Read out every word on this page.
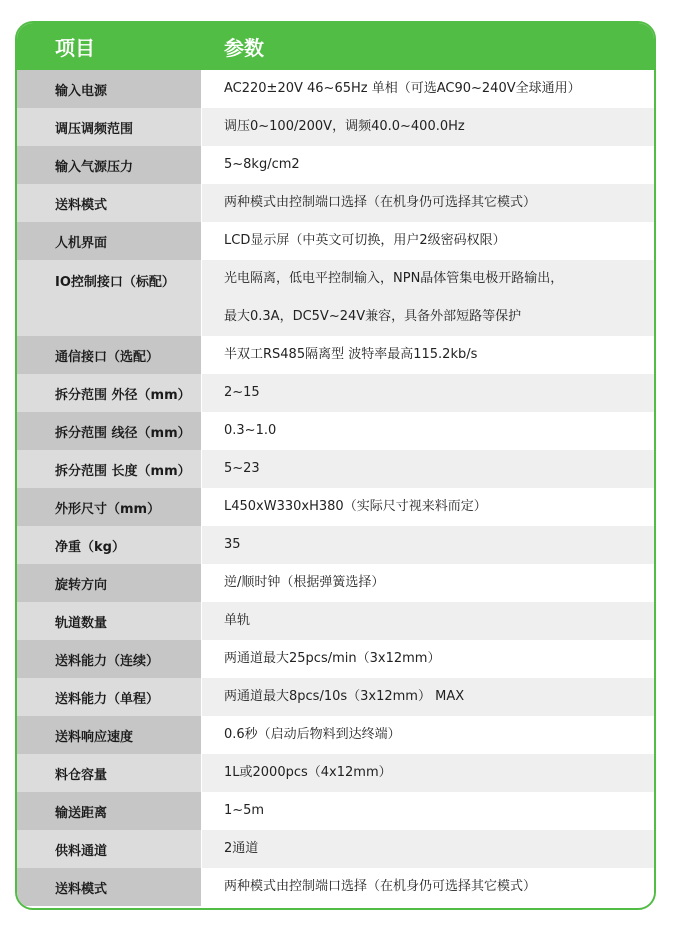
项目	参数
输入电源	AC220±20V 46~65Hz 单相（可选AC90~240V全球通用）
调压调频范围	调压0~100/200V，调频40.0~400.0Hz
输入气源压力	5~8kg/cm2
送料模式	两种模式由控制端口选择（在机身仍可选择其它模式）
人机界面	LCD显示屏（中英文可切换，用户2级密码权限）
IO控制接口（标配）	光电隔离，低电平控制输入，NPN晶体管集电极开路输出，
最大0.3A，DC5V~24V兼容，具备外部短路等保护
通信接口（选配）	半双工RS485隔离型 波特率最高115.2kb/s
拆分范围 外径（mm）	2~15
拆分范围 线径（mm）	0.3~1.0
拆分范围 长度（mm）	5~23
外形尺寸（mm）	L450xW330xH380（实际尺寸视来料而定）
净重（kg）	35
旋转方向	逆/顺时钟（根据弹簧选择）
轨道数量	单轨
送料能力（连续）	两通道最大25pcs/min（3x12mm）
送料能力（单程）	两通道最大8pcs/10s（3x12mm） MAX
送料响应速度	0.6秒（启动后物料到达终端）
料仓容量	1L或2000pcs（4x12mm）
输送距离	1~5m
供料通道	2通道
送料模式	两种模式由控制端口选择（在机身仍可选择其它模式）
